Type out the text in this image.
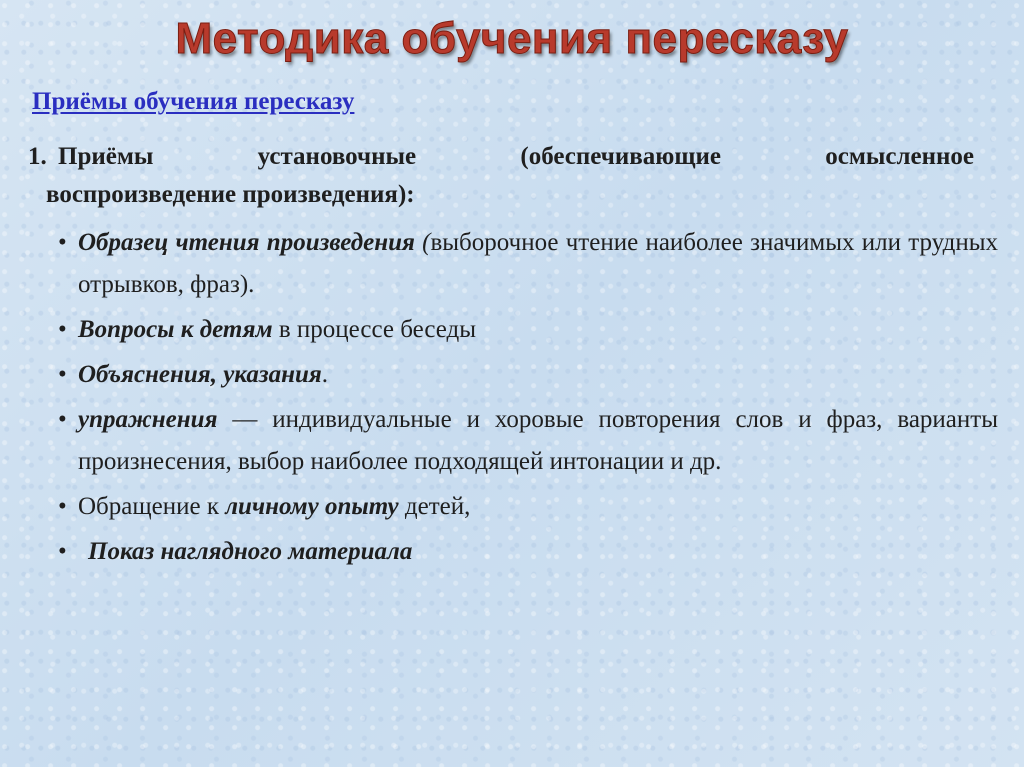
Методика обучения пересказу
Приёмы обучения пересказу
1. Приёмы установочные (обеспечивающие осмысленное
воспроизведение произведения):
• Образец чтения произведения (выборочное чтение наиболее значимых или трудных отрывков, фраз).
• Вопросы к детям в процессе беседы
• Объяснения, указания.
• упражнения — индивидуальные и хоровые повторения слов и фраз, варианты произнесения, выбор наиболее подходящей интонации и др.
• Обращение к личному опыту детей,
• Показ наглядного материала
